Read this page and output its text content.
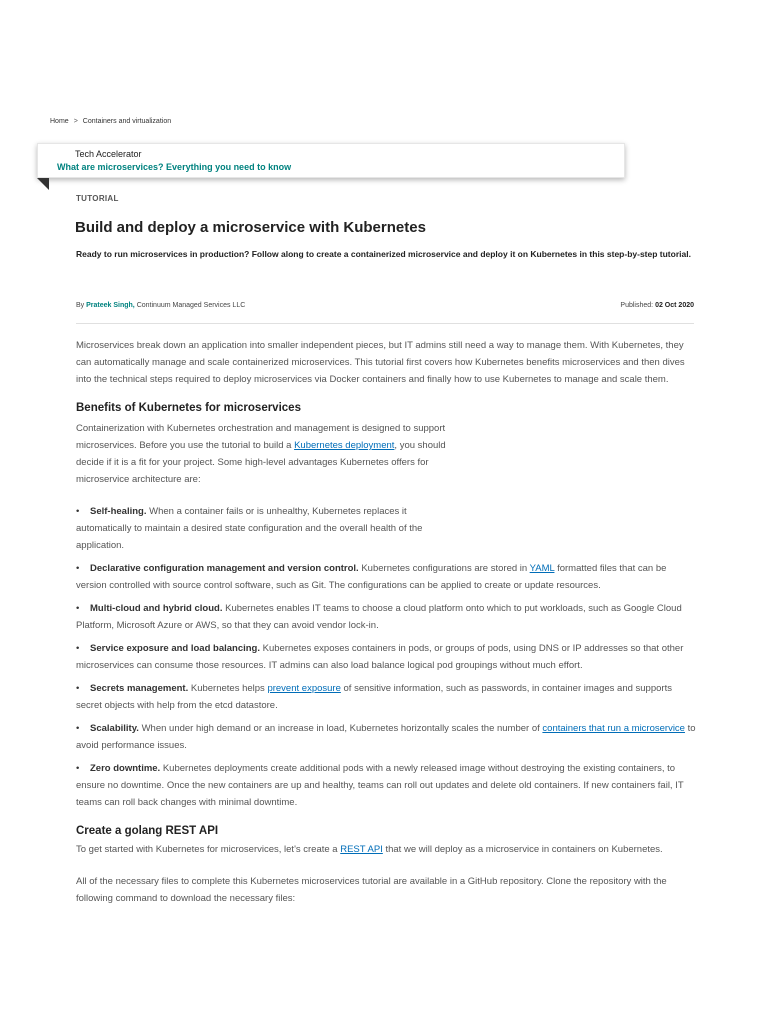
Home > Containers and virtualization
Tech Accelerator
What are microservices? Everything you need to know
TUTORIAL
Build and deploy a microservice with Kubernetes
Ready to run microservices in production? Follow along to create a containerized microservice and deploy it on Kubernetes in this step-by-step tutorial.
By Prateek Singh, Continuum Managed Services LLC	Published: 02 Oct 2020

Microservices break down an application into smaller independent pieces, but IT admins still need a way to manage them. With Kubernetes, they can automatically manage and scale containerized microservices. This tutorial first covers how Kubernetes benefits microservices and then dives into the technical steps required to deploy microservices via Docker containers and finally how to use Kubernetes to manage and scale them.

Benefits of Kubernetes for microservices

Containerization with Kubernetes orchestration and management is designed to support microservices. Before you use the tutorial to build a Kubernetes deployment, you should decide if it is a fit for your project. Some high-level advantages Kubernetes offers for microservice architecture are:

• Self-healing. When a container fails or is unhealthy, Kubernetes replaces it automatically to maintain a desired state configuration and the overall health of the application.

• Declarative configuration management and version control. Kubernetes configurations are stored in YAML formatted files that can be version controlled with source control software, such as Git. The configurations can be applied to create or update resources.

• Multi-cloud and hybrid cloud. Kubernetes enables IT teams to choose a cloud platform onto which to put workloads, such as Google Cloud Platform, Microsoft Azure or AWS, so that they can avoid vendor lock-in.

• Service exposure and load balancing. Kubernetes exposes containers in pods, or groups of pods, using DNS or IP addresses so that other microservices can consume those resources. IT admins can also load balance logical pod groupings without much effort.

• Secrets management. Kubernetes helps prevent exposure of sensitive information, such as passwords, in container images and supports secret objects with help from the etcd datastore.

• Scalability. When under high demand or an increase in load, Kubernetes horizontally scales the number of containers that run a microservice to avoid performance issues.

• Zero downtime. Kubernetes deployments create additional pods with a newly released image without destroying the existing containers, to ensure no downtime. Once the new containers are up and healthy, teams can roll out updates and delete old containers. If new containers fail, IT teams can roll back changes with minimal downtime.

Create a golang REST API

To get started with Kubernetes for microservices, let's create a REST API that we will deploy as a microservice in containers on Kubernetes.

All of the necessary files to complete this Kubernetes microservices tutorial are available in a GitHub repository. Clone the repository with the following command to download the necessary files:
